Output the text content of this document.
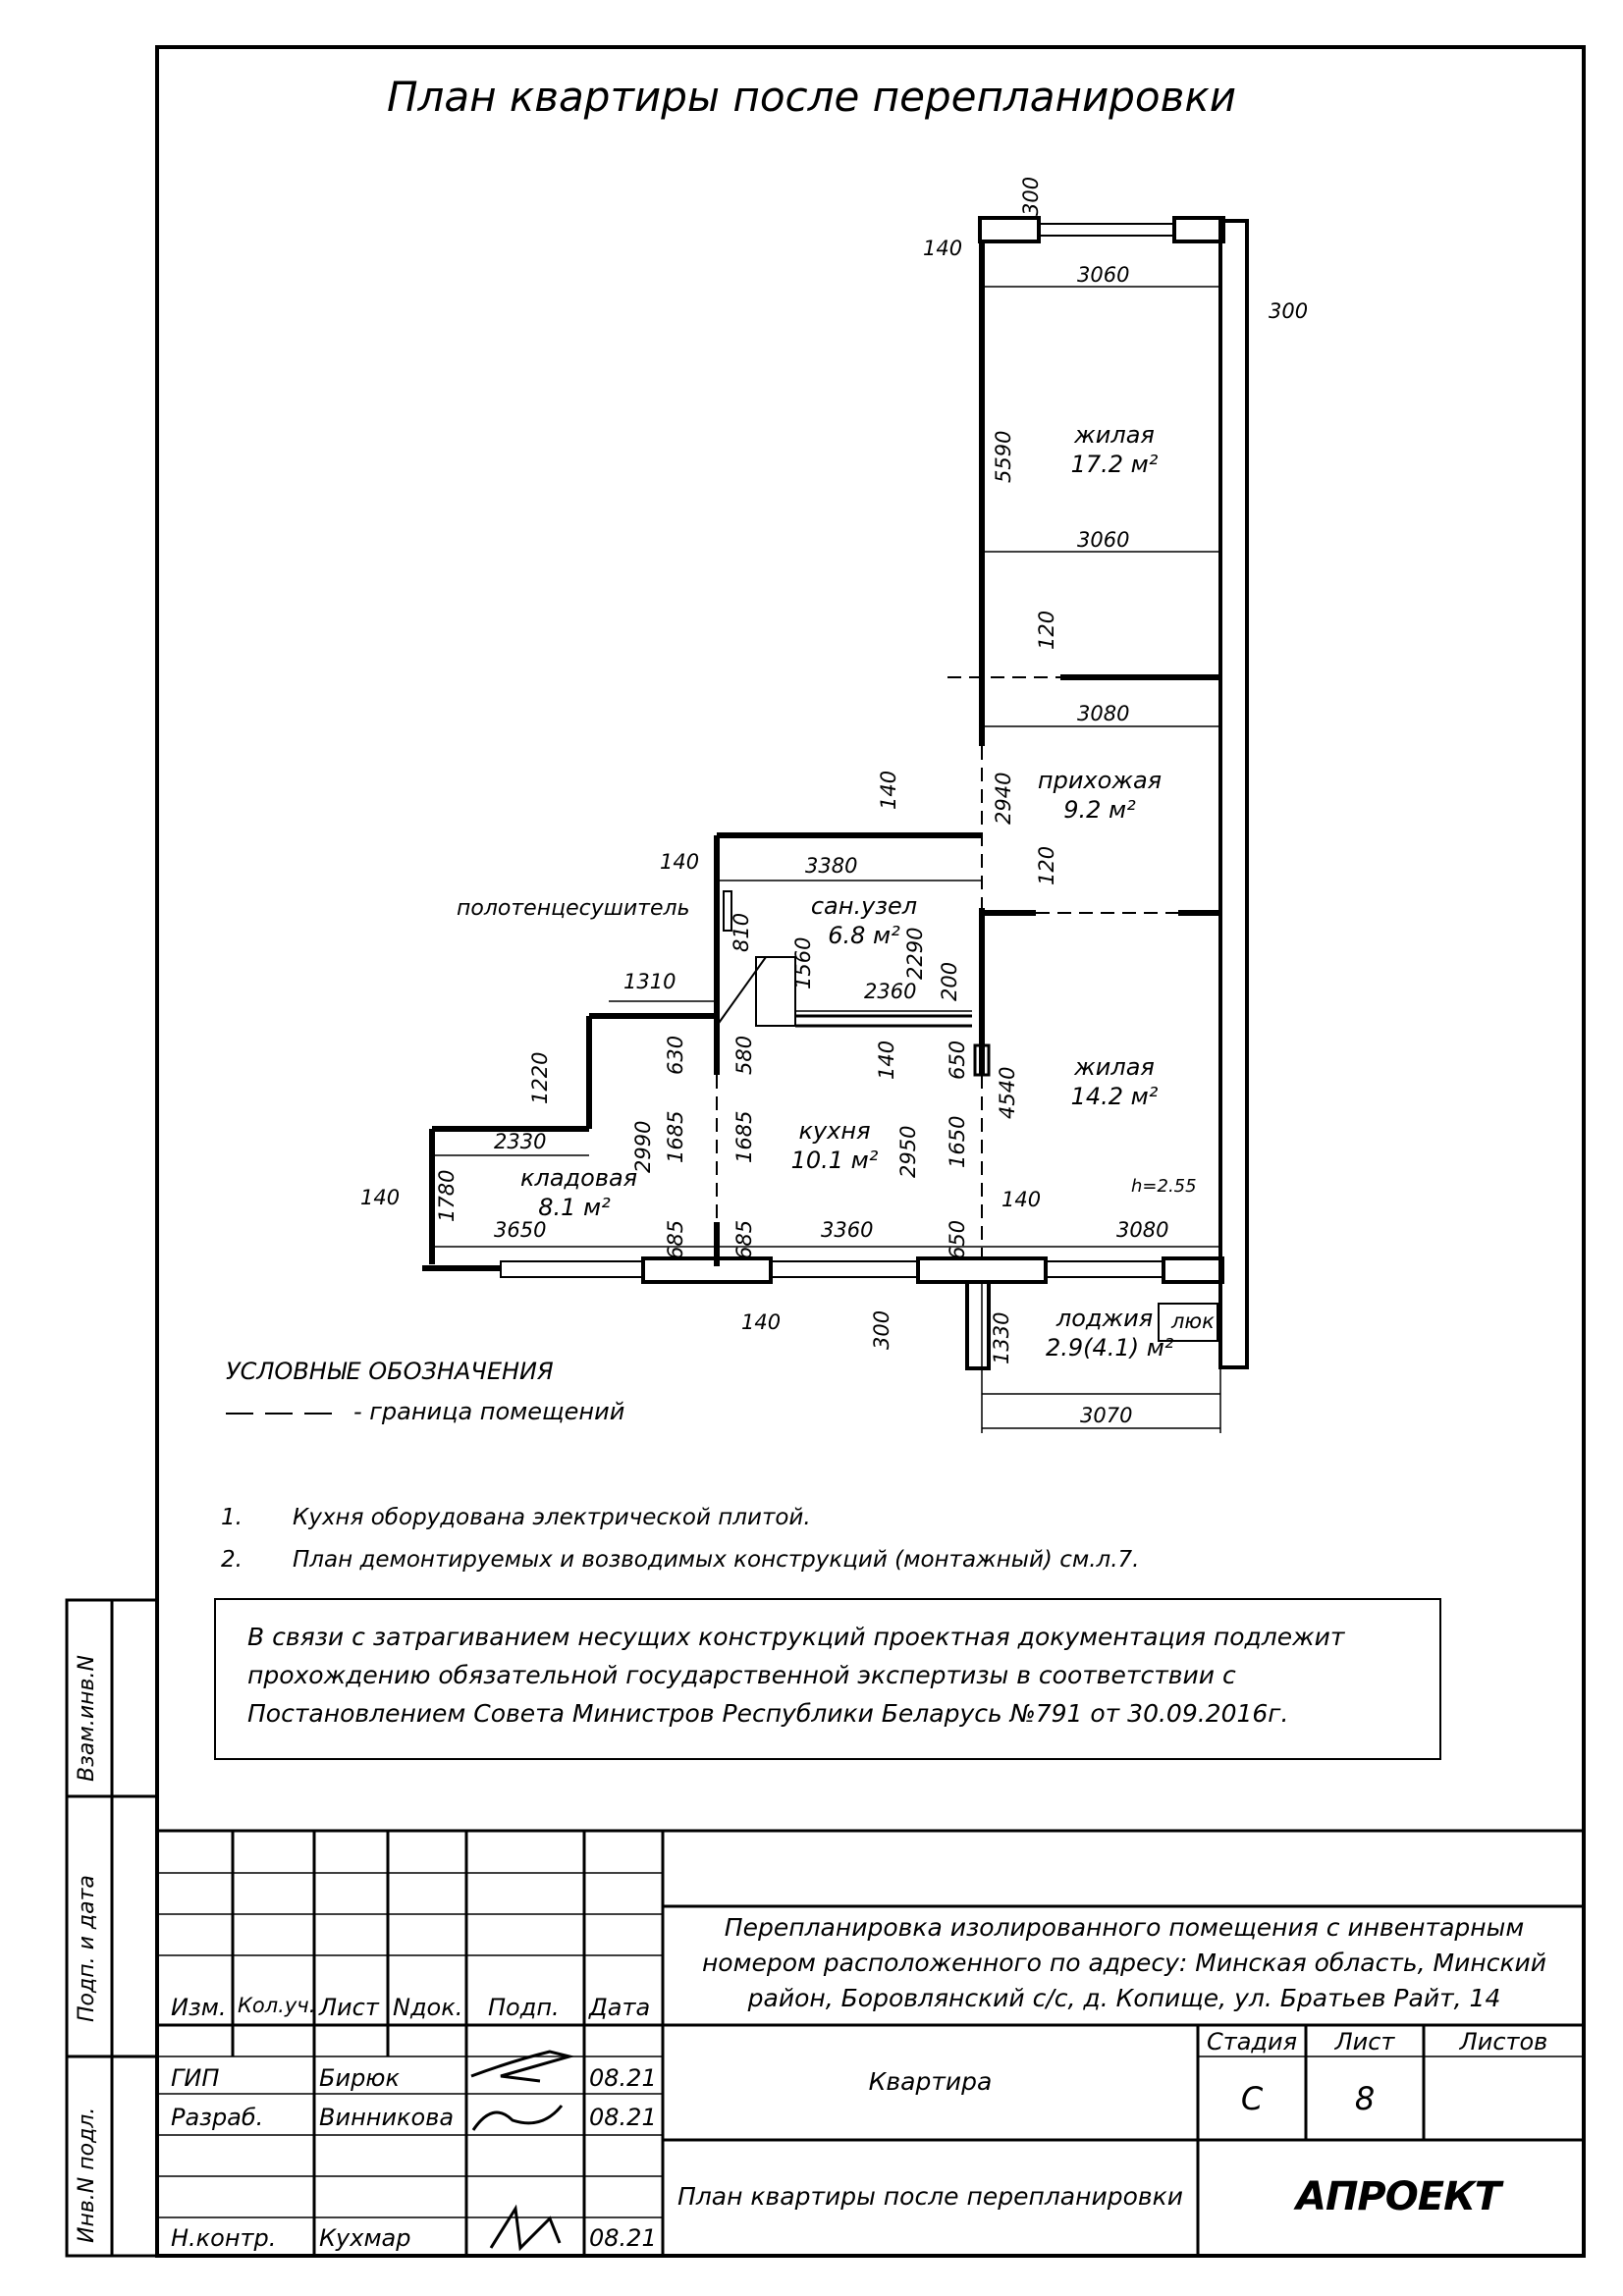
План квартиры после перепланировки
жилая
17.2 м²
прихожая
9.2 м²
сан.узел
6.8 м²
жилая
14.2 м²
кухня
10.1 м²
кладовая
8.1 м²
лоджия
2.9(4.1) м²
полотенцесушитель
люк
h=2.55
3060
3060
3080
140
300
3380
140
1310	2360
2330
140
3650	3360
140
3080
140
3070
300
5590
120
2940
140
120
810
1560	2290
200
630 580	140 650
1220
2990 1685 1685	2950 1650
4540
1780
685 685	650
300	1330
УСЛОВНЫЕ ОБОЗНАЧЕНИЯ
- граница помещений
1. Кухня оборудована электрической плитой.
2. План демонтируемых и возводимых конструкций (монтажный) см.л.7.
В связи с затрагиванием несущих конструкций проектная документация подлежит прохождению обязательной государственной экспертизы в соответствии с Постановлением Совета Министров Республики Беларусь №791 от 30.09.2016г.
Взам.инв.N
Подп. и дата
Инв.N подл.
Изм. Кол.уч. Лист Nдок. Подп. Дата
ГИП	Бирюк	08.21
Разраб. Винникова	08.21
Н.контр. Кухмар	08.21
Перепланировка изолированного помещения с инвентарным номером расположенного по адресу: Минская область, Минский район, Боровлянский с/с, д. Копище, ул. Братьев Райт, 14
Квартира
План квартиры после перепланировки
Стадия	Лист	Листов
С	8
АПРОЕКТ
